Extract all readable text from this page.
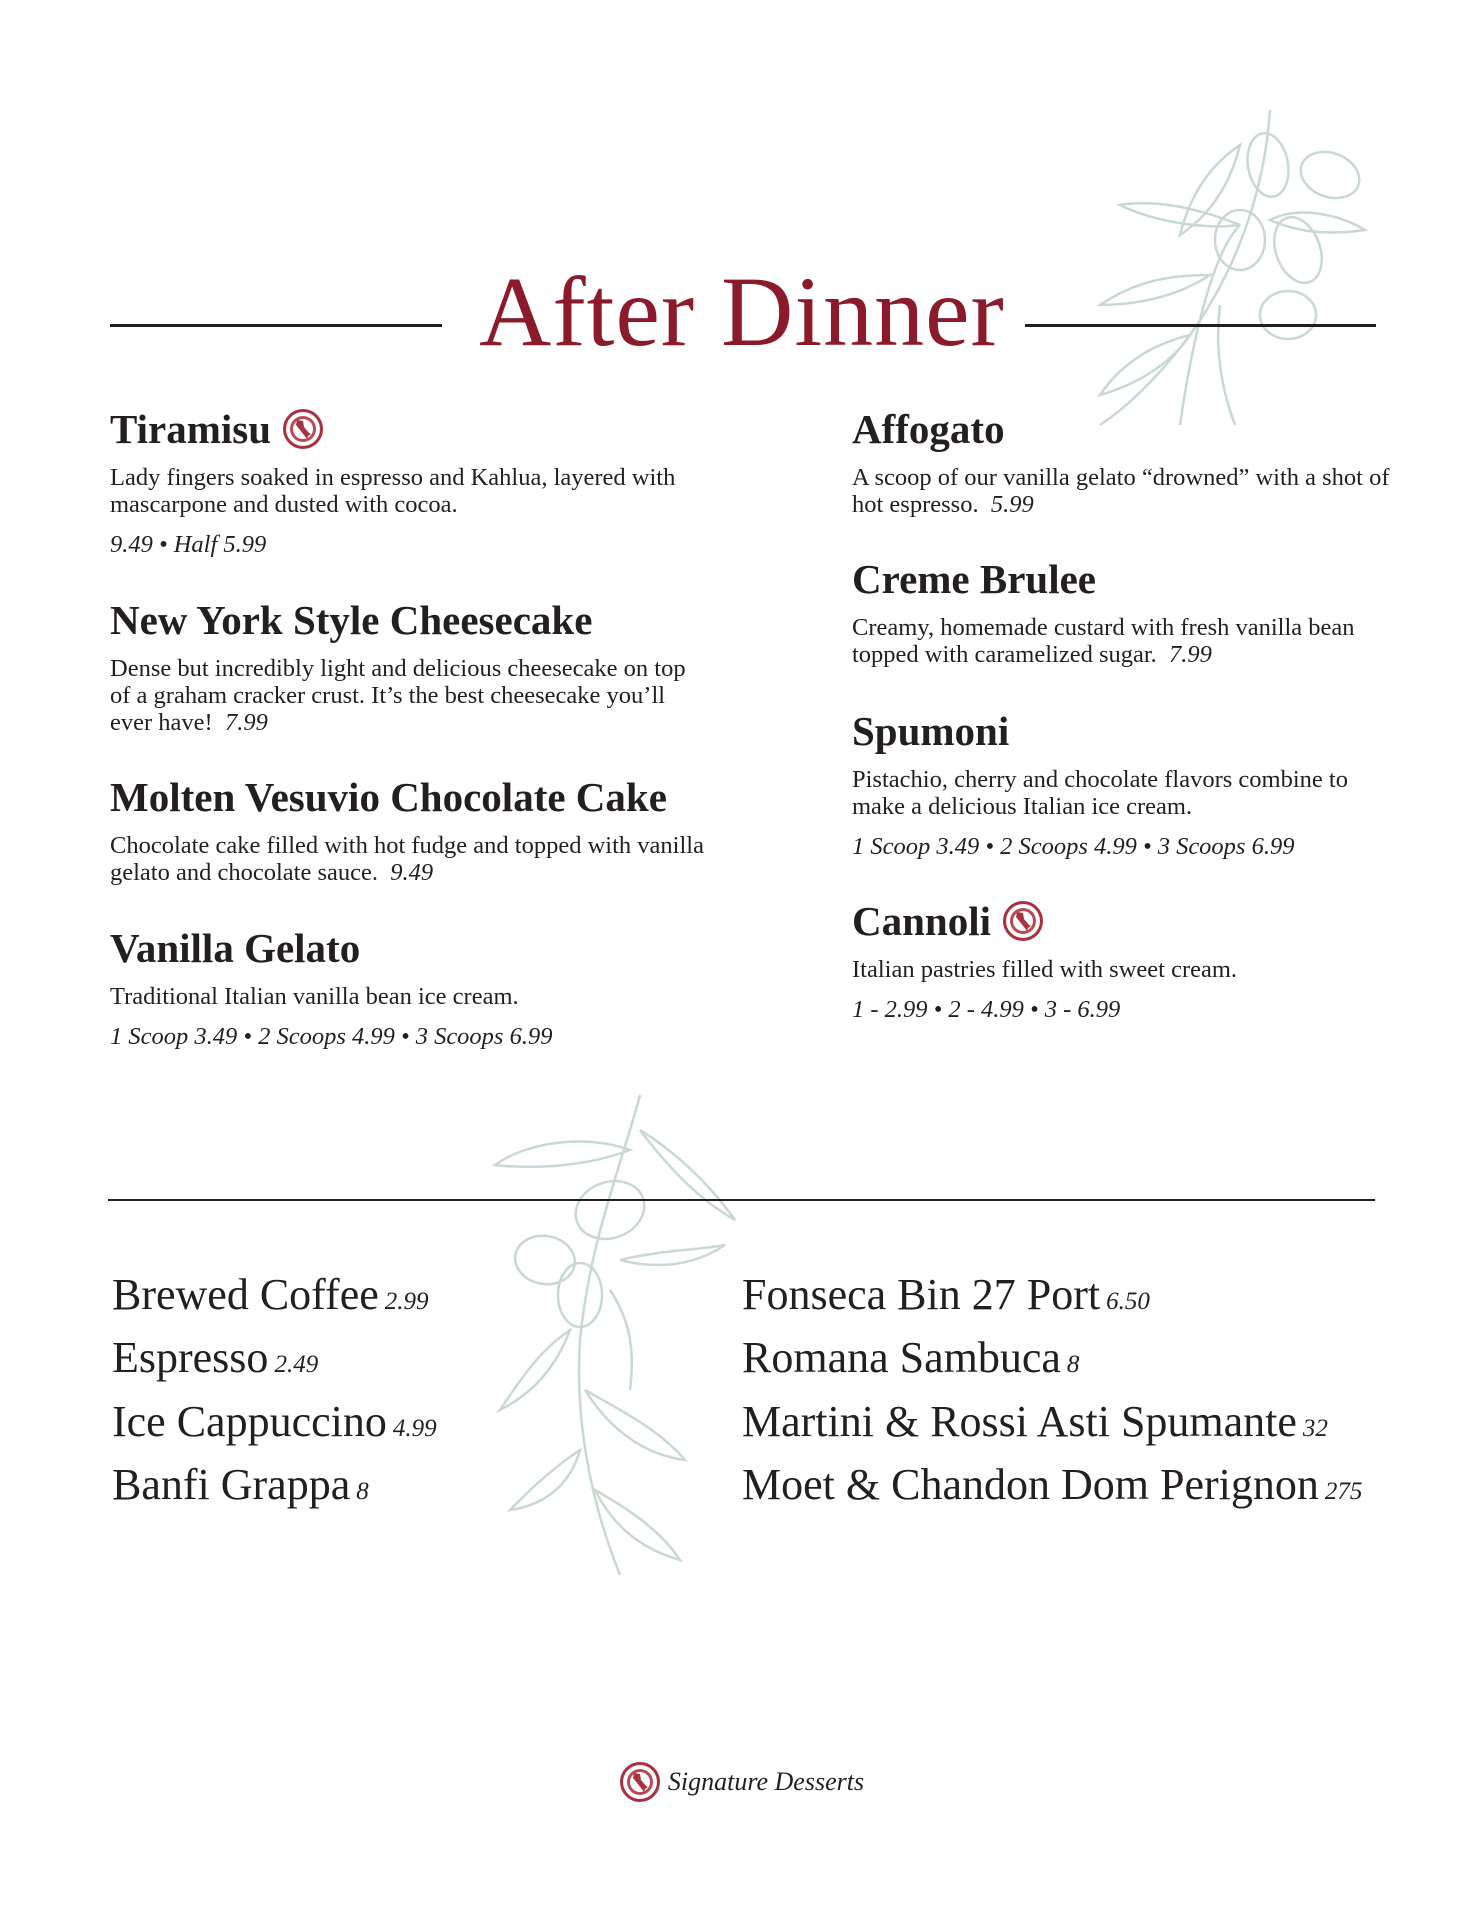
After Dinner
Tiramisu
Lady fingers soaked in espresso and Kahlua, layered with mascarpone and dusted with cocoa.
9.49 • Half 5.99
New York Style Cheesecake
Dense but incredibly light and delicious cheesecake on top of a graham cracker crust. It’s the best cheesecake you’ll ever have! 7.99
Molten Vesuvio Chocolate Cake
Chocolate cake filled with hot fudge and topped with vanilla gelato and chocolate sauce. 9.49
Vanilla Gelato
Traditional Italian vanilla bean ice cream.
1 Scoop 3.49 • 2 Scoops 4.99 • 3 Scoops 6.99
Affogato
A scoop of our vanilla gelato “drowned” with a shot of hot espresso. 5.99
Creme Brulee
Creamy, homemade custard with fresh vanilla bean topped with caramelized sugar. 7.99
Spumoni
Pistachio, cherry and chocolate flavors combine to make a delicious Italian ice cream.
1 Scoop 3.49 • 2 Scoops 4.99 • 3 Scoops 6.99
Cannoli
Italian pastries filled with sweet cream.
1 - 2.99 • 2 - 4.99 • 3 - 6.99
Brewed Coffee 2.99
Espresso 2.49
Ice Cappuccino 4.99
Banfi Grappa 8
Fonseca Bin 27 Port 6.50
Romana Sambuca 8
Martini & Rossi Asti Spumante 32
Moet & Chandon Dom Perignon 275
Signature Desserts
